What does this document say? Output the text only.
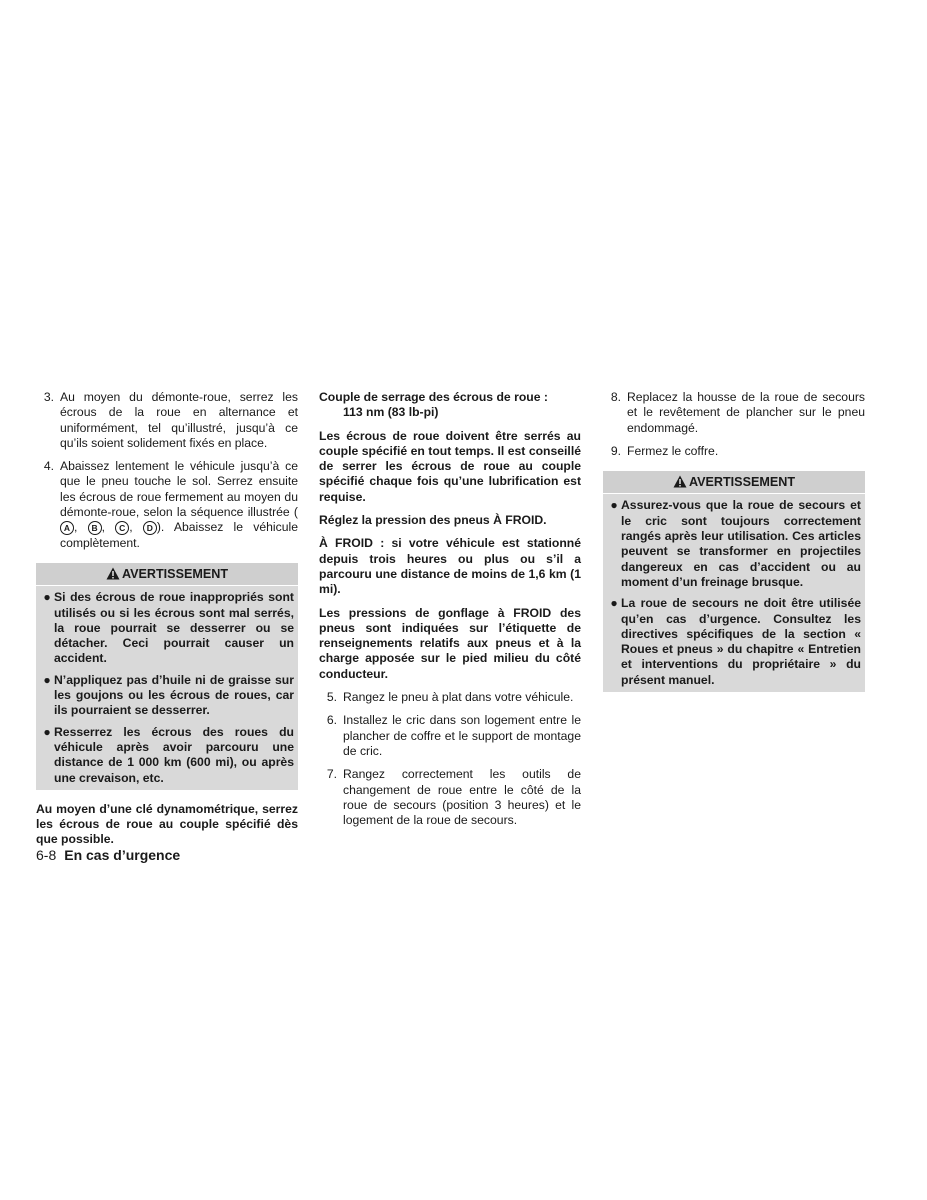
3. Au moyen du démonte-roue, serrez les écrous de la roue en alternance et uniformément, tel qu’illustré, jusqu’à ce qu’ils soient solidement fixés en place.
4. Abaissez lentement le véhicule jusqu’à ce que le pneu touche le sol. Serrez ensuite les écrous de roue fermement au moyen du démonte-roue, selon la séquence illustrée (A , B , C , D ). Abaissez le véhicule complètement.
AVERTISSEMENT
● Si des écrous de roue inappropriés sont utilisés ou si les écrous sont mal serrés, la roue pourrait se desserrer ou se détacher. Ceci pourrait causer un accident.
● N’appliquez pas d’huile ni de graisse sur les goujons ou les écrous de roues, car ils pourraient se desserrer.
● Resserrez les écrous des roues du véhicule après avoir parcouru une distance de 1 000 km (600 mi), ou après une crevaison, etc.

Au moyen d’une clé dynamométrique, serrez les écrous de roue au couple spécifié dès que possible.

Couple de serrage des écrous de roue :
113 nm (83 lb-pi)

Les écrous de roue doivent être serrés au couple spécifié en tout temps. Il est conseillé de serrer les écrous de roue au couple spécifié chaque fois qu’une lubrification est requise.

Réglez la pression des pneus À FROID.

À FROID : si votre véhicule est stationné depuis trois heures ou plus ou s’il a parcouru une distance de moins de 1,6 km (1 mi).

Les pressions de gonflage à FROID des pneus sont indiquées sur l’étiquette de renseignements relatifs aux pneus et à la charge apposée sur le pied milieu du côté conducteur.

5. Rangez le pneu à plat dans votre véhicule.
6. Installez le cric dans son logement entre le plancher de coffre et le support de montage de cric.
7. Rangez correctement les outils de changement de roue entre le côté de la roue de secours (position 3 heures) et le logement de la roue de secours.
8. Replacez la housse de la roue de secours et le revêtement de plancher sur le pneu endommagé.
9. Fermez le coffre.
AVERTISSEMENT
● Assurez-vous que la roue de secours et le cric sont toujours correctement rangés après leur utilisation. Ces articles peuvent se transformer en projectiles dangereux en cas d’accident ou au moment d’un freinage brusque.
● La roue de secours ne doit être utilisée qu’en cas d’urgence. Consultez les directives spécifiques de la section « Roues et pneus » du chapitre « Entretien et interventions du propriétaire » du présent manuel.
6-8 En cas d’urgence
